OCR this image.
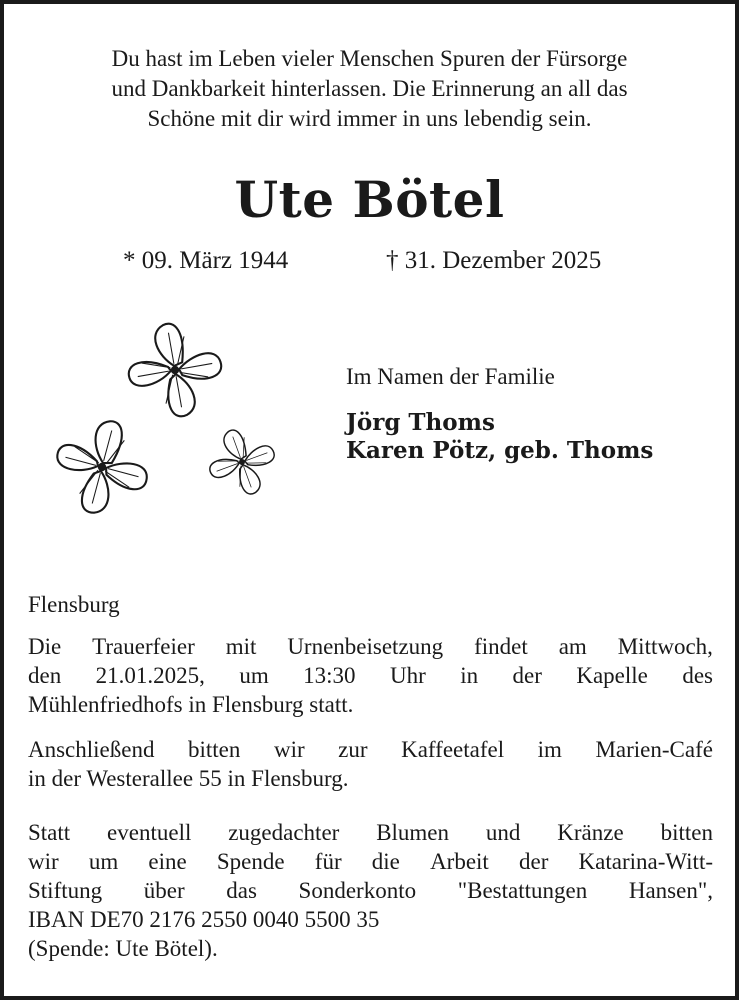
Du hast im Leben vieler Menschen Spuren der Fürsorge
und Dankbarkeit hinterlassen. Die Erinnerung an all das
Schöne mit dir wird immer in uns lebendig sein.
Ute Bötel
* 09. März 1944	† 31. Dezember 2025
Im Namen der Familie
Jörg Thoms
Karen Pötz, geb. Thoms
Flensburg
Die Trauerfeier mit Urnenbeisetzung findet am Mittwoch,
den 21.01.2025, um 13:30 Uhr in der Kapelle des
Mühlenfriedhofs in Flensburg statt.
Anschließend bitten wir zur Kaffeetafel im Marien-Café
in der Westerallee 55 in Flensburg.
Statt eventuell zugedachter Blumen und Kränze bitten
wir um eine Spende für die Arbeit der Katarina-Witt-
Stiftung über das Sonderkonto "Bestattungen Hansen",
IBAN DE70 2176 2550 0040 5500 35
(Spende: Ute Bötel).
